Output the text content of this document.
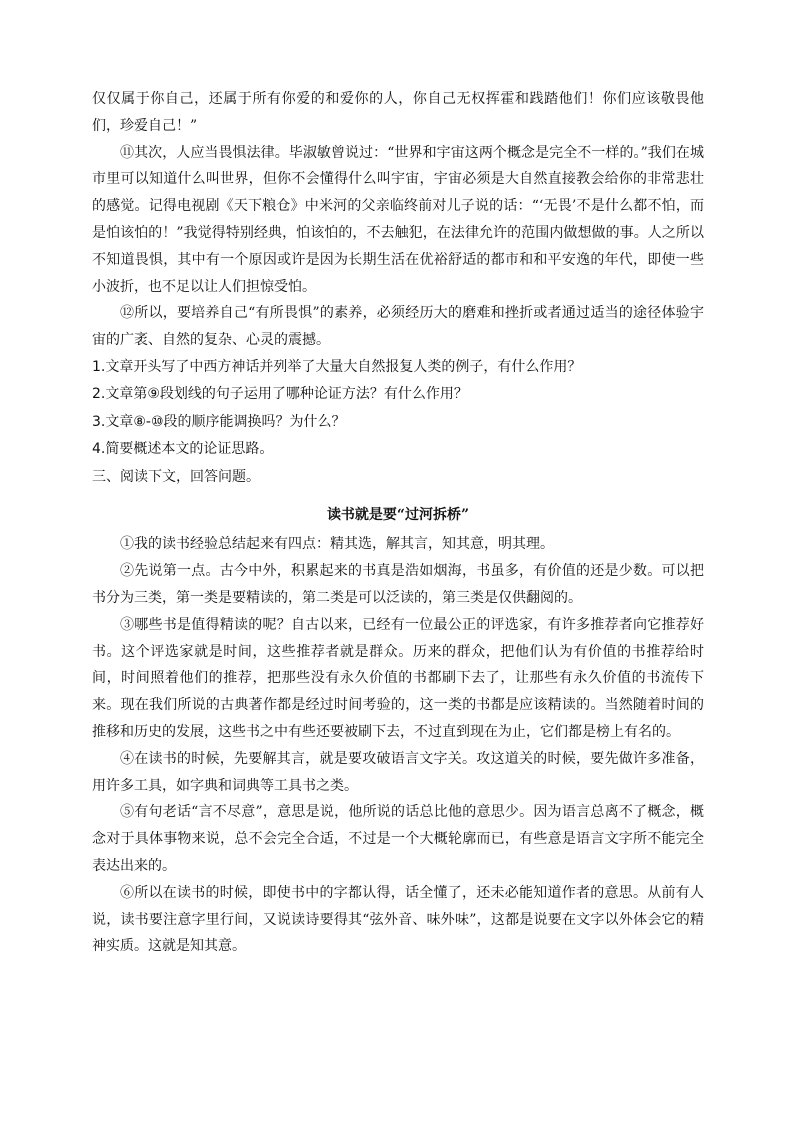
仅仅属于你自己，还属于所有你爱的和爱你的人，你自己无权挥霍和践踏他们！你们应该敬畏他们，珍爱自己！”

⑪其次，人应当畏惧法律。毕淑敏曾说过：“世界和宇宙这两个概念是完全不一样的。”我们在城市里可以知道什么叫世界，但你不会懂得什么叫宇宙，宇宙必须是大自然直接教会给你的非常悲壮的感觉。记得电视剧《天下粮仓》中米河的父亲临终前对儿子说的话：“‘无畏’不是什么都不怕，而是怕该怕的！”我觉得特别经典，怕该怕的，不去触犯，在法律允许的范围内做想做的事。人之所以不知道畏惧，其中有一个原因或许是因为长期生活在优裕舒适的都市和和平安逸的年代，即使一些小波折，也不足以让人们担惊受怕。

⑫所以，要培养自己“有所畏惧”的素养，必须经历大的磨难和挫折或者通过适当的途径体验宇宙的广袤、自然的复杂、心灵的震撼。

1.文章开头写了中西方神话并列举了大量大自然报复人类的例子，有什么作用？

2.文章第⑨段划线的句子运用了哪种论证方法？有什么作用？

3.文章⑧-⑩段的顺序能调换吗？为什么？

4.简要概述本文的论证思路。

三、阅读下文，回答问题。

读书就是要“过河拆桥”

①我的读书经验总结起来有四点：精其选，解其言，知其意，明其理。

②先说第一点。古今中外，积累起来的书真是浩如烟海，书虽多，有价值的还是少数。可以把书分为三类，第一类是要精读的，第二类是可以泛读的，第三类是仅供翻阅的。

③哪些书是值得精读的呢？自古以来，已经有一位最公正的评选家，有许多推荐者向它推荐好书。这个评选家就是时间，这些推荐者就是群众。历来的群众，把他们认为有价值的书推荐给时间，时间照着他们的推荐，把那些没有永久价值的书都刷下去了，让那些有永久价值的书流传下来。现在我们所说的古典著作都是经过时间考验的，这一类的书都是应该精读的。当然随着时间的推移和历史的发展，这些书之中有些还要被刷下去，不过直到现在为止，它们都是榜上有名的。

④在读书的时候，先要解其言，就是要攻破语言文字关。攻这道关的时候，要先做许多准备，用许多工具，如字典和词典等工具书之类。

⑤有句老话“言不尽意”，意思是说，他所说的话总比他的意思少。因为语言总离不了概念，概念对于具体事物来说，总不会完全合适，不过是一个大概轮廓而已，有些意是语言文字所不能完全表达出来的。

⑥所以在读书的时候，即使书中的字都认得，话全懂了，还未必能知道作者的意思。从前有人说，读书要注意字里行间，又说读诗要得其“弦外音、味外味”，这都是说要在文字以外体会它的精神实质。这就是知其意。
